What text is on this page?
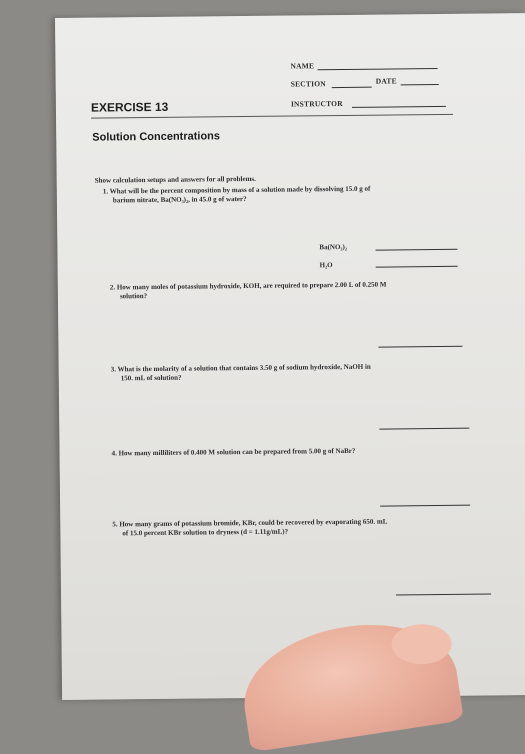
NAME
SECTION	DATE
INSTRUCTOR
EXERCISE 13
Solution Concentrations
Show calculation setups and answers for all problems.
1. What will be the percent composition by mass of a solution made by dissolving 15.0 g of
barium nitrate, Ba(NO₃)₂, in 45.0 g of water?
Ba(NO₃)₂
H₂O
2. How many moles of potassium hydroxide, KOH, are required to prepare 2.00 L of 0.250 M
solution?
3. What is the molarity of a solution that contains 3.50 g of sodium hydroxide, NaOH in
150. mL of solution?
4. How many milliliters of 0.400 M solution can be prepared from 5.00 g of NaBr?
5. How many grams of potassium bromide, KBr, could be recovered by evaporating 650. mL
of 15.0 percent KBr solution to dryness (d = 1.11g/mL)?
